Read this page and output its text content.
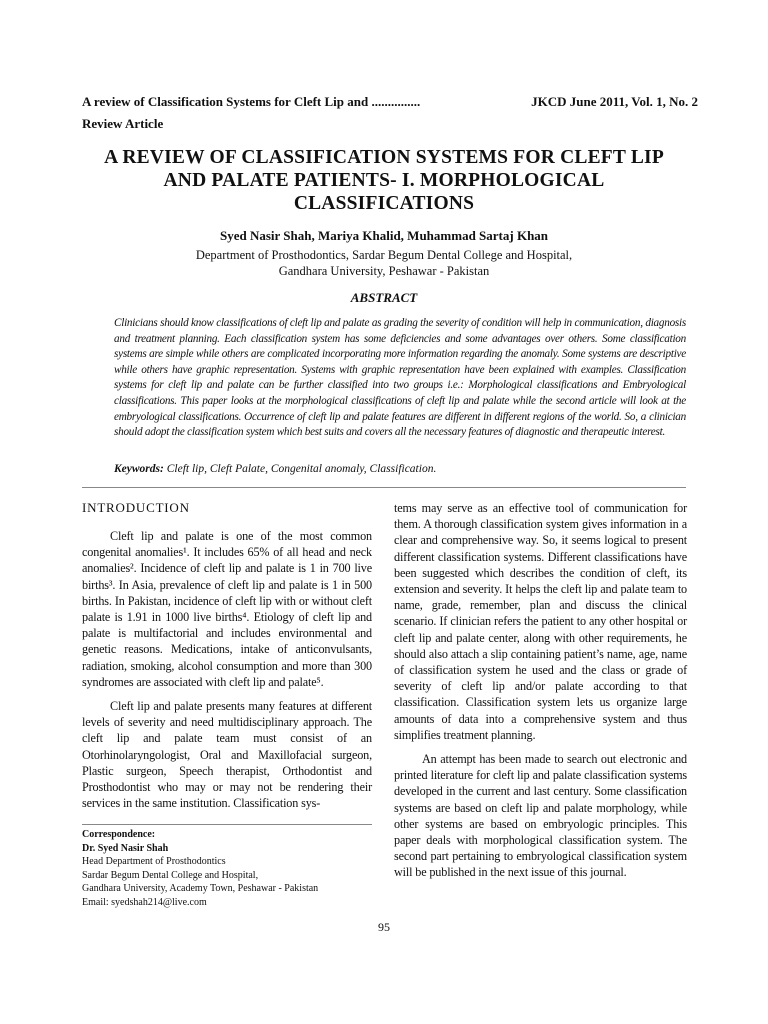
A review of Classification Systems for Cleft Lip and ...............	JKCD June 2011, Vol. 1, No. 2
Review Article
A REVIEW OF CLASSIFICATION SYSTEMS FOR CLEFT LIP
AND PALATE PATIENTS- I. MORPHOLOGICAL
CLASSIFICATIONS
Syed Nasir Shah, Mariya Khalid, Muhammad Sartaj Khan
Department of Prosthodontics, Sardar Begum Dental College and Hospital,
Gandhara University, Peshawar - Pakistan
ABSTRACT
Clinicians should know classifications of cleft lip and palate as grading the severity of condition will help in communication, diagnosis and treatment planning. Each classification system has some deficiencies and some advantages over others. Some classification systems are simple while others are complicated incorporating more information regarding the anomaly. Some systems are descriptive while others have graphic representation. Systems with graphic representation have been explained with examples. Classification systems for cleft lip and palate can be further classified into two groups i.e.: Morphological classifications and Embryological classifications. This paper looks at the morphological classifications of cleft lip and palate while the second article will look at the embryological classifications. Occurrence of cleft lip and palate features are different in different regions of the world. So, a clinician should adopt the classification system which best suits and covers all the necessary features of diagnostic and therapeutic interest.
Keywords: Cleft lip, Cleft Palate, Congenital anomaly, Classification.
INTRODUCTION

Cleft lip and palate is one of the most common congenital anomalies¹. It includes 65% of all head and neck anomalies². Incidence of cleft lip and palate is 1 in 700 live births³. In Asia, prevalence of cleft lip and palate is 1 in 500 births. In Pakistan, incidence of cleft lip with or without cleft palate is 1.91 in 1000 live births⁴. Etiology of cleft lip and palate is multifactorial and includes environmental and genetic reasons. Medications, intake of anticonvulsants, radiation, smoking, alcohol consumption and more than 300 syndromes are associated with cleft lip and palate⁵.

Cleft lip and palate presents many features at different levels of severity and need multidisciplinary approach. The cleft lip and palate team must consist of an Otorhinolaryngologist, Oral and Maxillofacial surgeon, Plastic surgeon, Speech therapist, Orthodontist and Prosthodontist who may or may not be rendering their services in the same institution. Classification sys-

tems may serve as an effective tool of communication for them. A thorough classification system gives information in a clear and comprehensive way. So, it seems logical to present different classification systems. Different classifications have been suggested which describes the condition of cleft, its extension and severity. It helps the cleft lip and palate team to name, grade, remember, plan and discuss the clinical scenario. If clinician refers the patient to any other hospital or cleft lip and palate center, along with other requirements, he should also attach a slip containing patient’s name, age, name of classification system he used and the class or grade of severity of cleft lip and/or palate according to that classification. Classification system lets us organize large amounts of data into a comprehensive system and thus simplifies treatment planning.

An attempt has been made to search out electronic and printed literature for cleft lip and palate classification systems developed in the current and last century. Some classification systems are based on cleft lip and palate morphology, while other systems are based on embryologic principles. This paper deals with morphological classification system. The second part pertaining to embryological classification system will be published in the next issue of this journal.

Correspondence:
Dr. Syed Nasir Shah
Head Department of Prosthodontics
Sardar Begum Dental College and Hospital,
Gandhara University, Academy Town, Peshawar - Pakistan
Email: syedshah214@live.com
95
